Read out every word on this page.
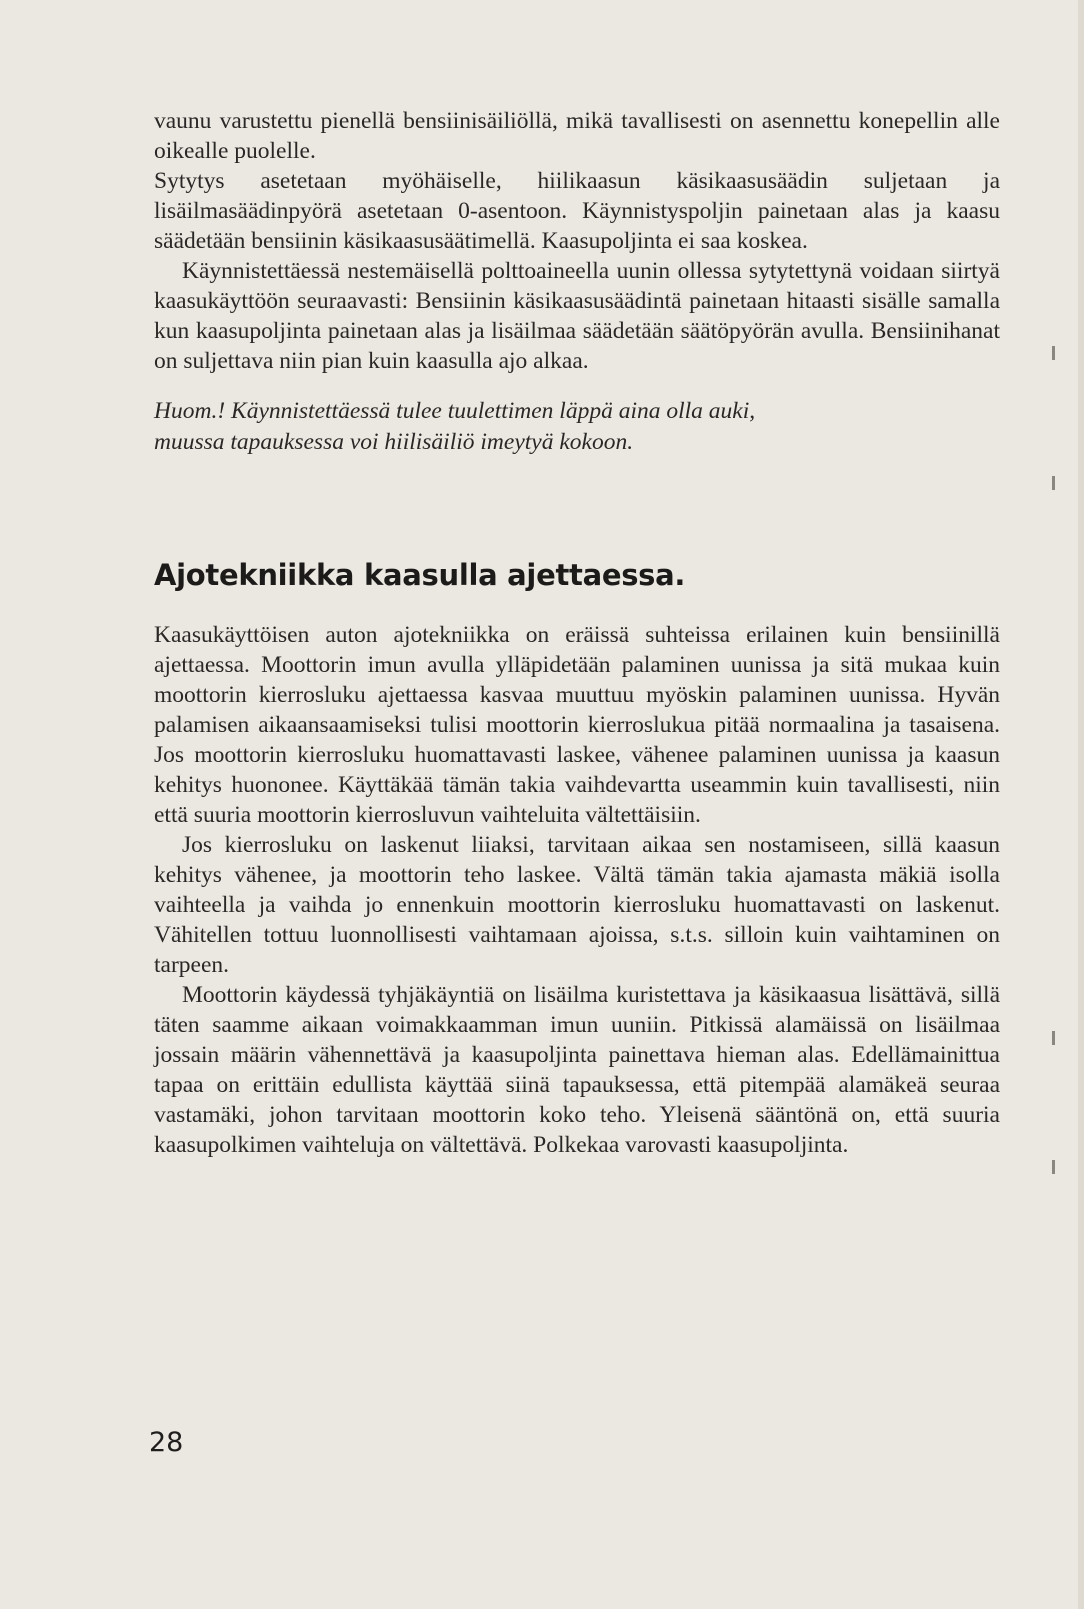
vaunu varustettu pienellä bensiinisäiliöllä, mikä tavallisesti on asennettu konepellin alle oikealle puolelle.

Sytytys asetetaan myöhäiselle, hiilikaasun käsikaasusäädin suljetaan ja lisäilmasäädinpyörä asetetaan 0-asentoon. Käynnistyspoljin painetaan alas ja kaasu säädetään bensiinin käsikaasusäätimellä. Kaasupoljinta ei saa koskea.

Käynnistettäessä nestemäisellä polttoaineella uunin ollessa sytytettynä voidaan siirtyä kaasukäyttöön seuraavasti: Bensiinin käsikaasusäädintä painetaan hitaasti sisälle samalla kun kaasupoljinta painetaan alas ja lisäilmaa säädetään säätöpyörän avulla. Bensiinihanat on suljettava niin pian kuin kaasulla ajo alkaa.

Huom.! Käynnistettäessä tulee tuulettimen läppä aina olla auki,

muussa tapauksessa voi hiilisäiliö imeytyä kokoon.

Ajotekniikka kaasulla ajettaessa.

Kaasukäyttöisen auton ajotekniikka on eräissä suhteissa erilainen kuin bensiinillä ajettaessa. Moottorin imun avulla ylläpidetään palaminen uunissa ja sitä mukaa kuin moottorin kierrosluku ajettaessa kasvaa muuttuu myöskin palaminen uunissa. Hyvän palamisen aikaansaamiseksi tulisi moottorin kierroslukua pitää normaalina ja tasaisena. Jos moottorin kierrosluku huomattavasti laskee, vähenee palaminen uunissa ja kaasun kehitys huononee. Käyttäkää tämän takia vaihdevartta useammin kuin tavallisesti, niin että suuria moottorin kierrosluvun vaihteluita vältettäisiin.

Jos kierrosluku on laskenut liiaksi, tarvitaan aikaa sen nostamiseen, sillä kaasun kehitys vähenee, ja moottorin teho laskee. Vältä tämän takia ajamasta mäkiä isolla vaihteella ja vaihda jo ennenkuin moottorin kierrosluku huomattavasti on laskenut. Vähitellen tottuu luonnollisesti vaihtamaan ajoissa, s.t.s. silloin kuin vaihtaminen on tarpeen.

Moottorin käydessä tyhjäkäyntiä on lisäilma kuristettava ja käsikaasua lisättävä, sillä täten saamme aikaan voimakkaamman imun uuniin. Pitkissä alamäissä on lisäilmaa jossain määrin vähennettävä ja kaasupoljinta painettava hieman alas. Edellämainittua tapaa on erittäin edullista käyttää siinä tapauksessa, että pitempää alamäkeä seuraa vastamäki, johon tarvitaan moottorin koko teho. Yleisenä sääntönä on, että suuria kaasupolkimen vaihteluja on vältettävä. Polkekaa varovasti kaasupoljinta.

28
